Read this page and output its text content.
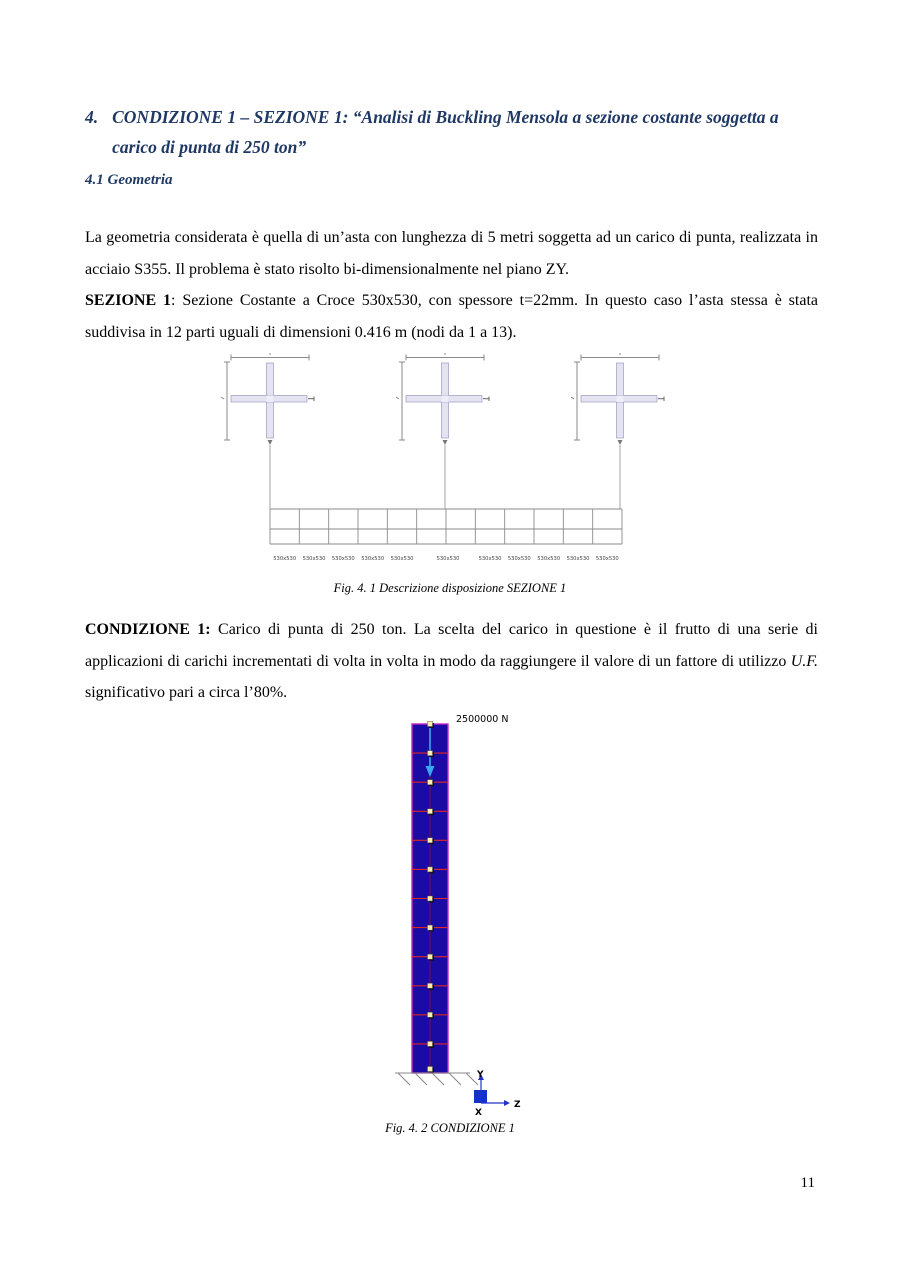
4. CONDIZIONE 1 – SEZIONE 1: “Analisi di Buckling Mensola a sezione costante soggetta a carico di punta di 250 ton”
4.1 Geometria

La geometria considerata è quella di un’asta con lunghezza di 5 metri soggetta ad un carico di punta, realizzata in acciaio S355. Il problema è stato risolto bi-dimensionalmente nel piano ZY.

SEZIONE 1: Sezione Costante a Croce 530x530, con spessore t=22mm. In questo caso l’asta stessa è stata suddivisa in 12 parti uguali di dimensioni 0.416 m (nodi da 1 a 13).

530x530 530x530 530x530 530x530 530x530	530x530	530x530 530x530 530x530 530x530 530x530
Fig. 4. 1 Descrizione disposizione SEZIONE 1

CONDIZIONE 1: Carico di punta di 250 ton. La scelta del carico in questione è il frutto di una serie di applicazioni di carichi incrementati di volta in volta in modo da raggiungere il valore di un fattore di utilizzo U.F. significativo pari a circa l’80%.

2500000 N
Y
Z
X
Fig. 4. 2 CONDIZIONE 1
11
